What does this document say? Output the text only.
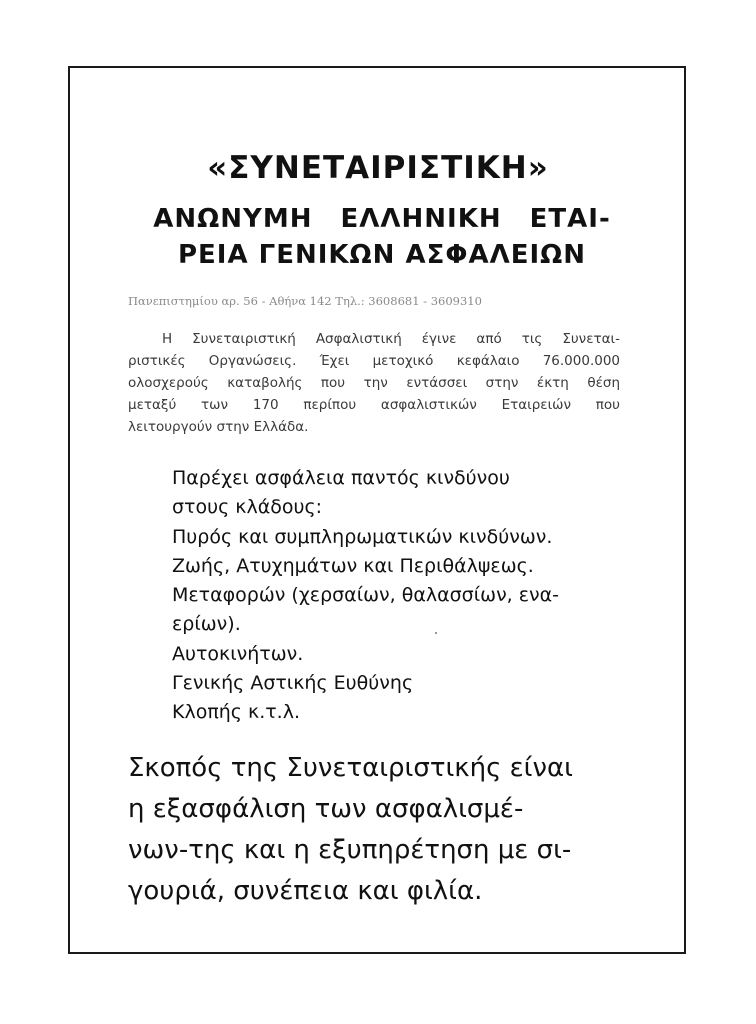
«ΣΥΝΕΤΑΙΡΙΣΤΙΚΗ»

ΑΝΩΝΥΜΗ ΕΛΛΗΝΙΚΗ ΕΤΑΙ-

ΡΕΙΑ ΓΕΝΙΚΩΝ ΑΣΦΑΛΕΙΩΝ

Πανεπιστημίου αρ. 56 - Αθήνα 142 Τηλ.: 3608681 - 3609310

Η Συνεταιριστική Ασφαλιστική έγινε από τις Συνεται-
ριστικές Οργανώσεις. Έχει μετοχικό κεφάλαιο 76.000.000
ολοσχερούς καταβολής που την εντάσσει στην έκτη θέση
μεταξύ των 170 περίπου ασφαλιστικών Εταιρειών που
λειτουργούν στην Ελλάδα.

Παρέχει ασφάλεια παντός κινδύνου
στους κλάδους:
Πυρός και συμπληρωματικών κινδύνων.
Ζωής, Ατυχημάτων και Περιθάλψεως.
Μεταφορών (χερσαίων, θαλασσίων, ενα-
ερίων).
Αυτοκινήτων.
Γενικής Αστικής Ευθύνης
Κλοπής κ.τ.λ.

Σκοπός της Συνεταιριστικής είναι
η εξασφάλιση των ασφαλισμέ-
νων-της και η εξυπηρέτηση με σι-
γουριά, συνέπεια και φιλία.
